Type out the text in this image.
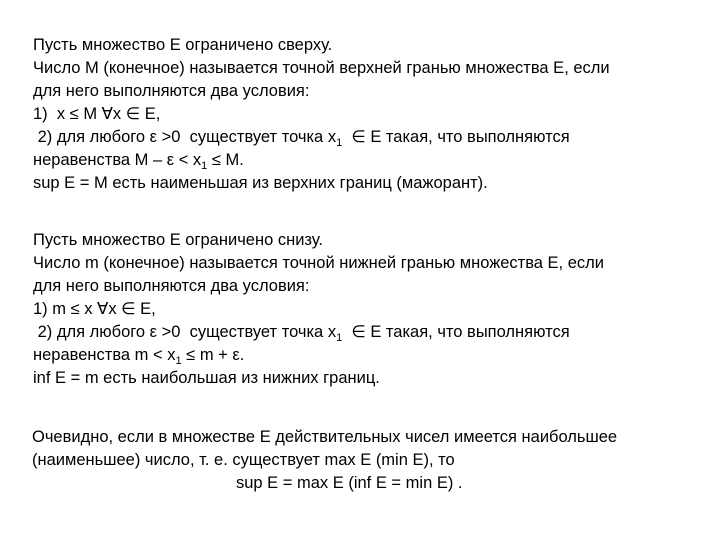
Пусть множество E ограничено сверху.
Число M (конечное) называется точной верхней гранью множества E, если
для него выполняются два условия:
1)  x ≤ M ∀x ∈ E,
2) для любого ε >0  существует точка $x_1$  ∈ E такая, что выполняются
неравенства $M - \varepsilon < x_1 \le M$.
sup E = M есть наименьшая из верхних границ (мажорант).
Пусть множество E ограничено снизу.
Число m (конечное) называется точной нижней гранью множества E, если
для него выполняются два условия:
1) m ≤ x ∀x ∈ E,
2) для любого ε >0  существует точка $x_1$  ∈ E такая, что выполняются
неравенства $m < x_1 \le m + \varepsilon$.
inf E = m есть наибольшая из нижних границ.
Очевидно, если в множестве E действительных чисел имеется наибольшее
(наименьшее) число, т. е. существует max E (min E), то
sup E = max E (inf E = min E) .
